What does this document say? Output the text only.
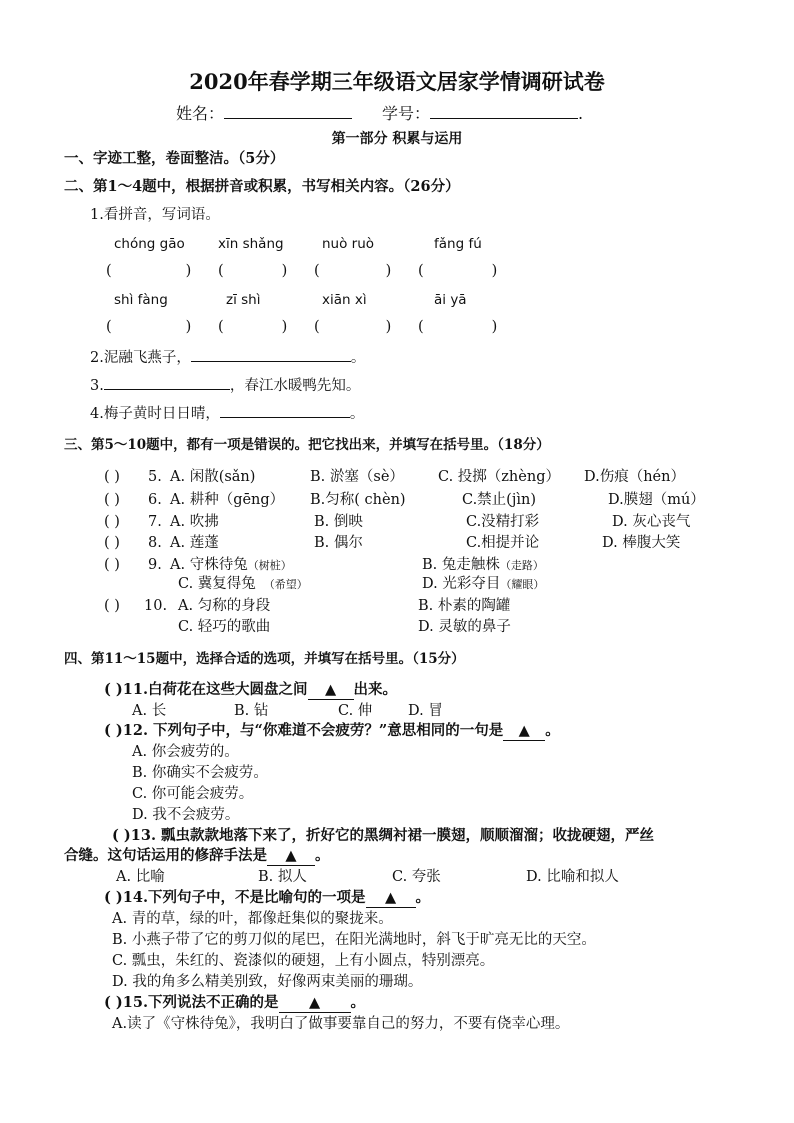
2020年春学期三年级语文居家学情调研试卷
姓名：	学号：	.
第一部分 积累与运用
一、字迹工整，卷面整洁。（5分）
二、第1～4题中，根据拼音或积累，书写相关内容。（26分）
1.看拼音，写词语。
chóng gāo xīn shǎng	nuò ruò	fǎng fú
(	) (	) (	) (	)
shì fàng	zī shì	xiān xì	āi yā
(	) (	) (	) (	)
2.泥融飞燕子，	。
3.	，春江水暖鸭先知。
4.梅子黄时日日晴，	。
三、第5～10题中，都有一项是错误的。把它找出来，并填写在括号里。（18分）
( ) 5. A. 闲散(sǎn)	B. 淤塞（sè） C. 投掷（zhèng） D.伤痕（hén）
( ) 6. A. 耕种（gēng） B.匀称( chèn)	C.禁止(jìn)	D.膜翅（mú）
( ) 7. A. 吹拂	B. 倒映	C.没精打彩	D. 灰心丧气
( ) 8. A. 莲蓬	B. 偶尔	C.相提并论	D. 棒腹大笑
( ) 9. A. 守株待兔（树桩）	B. 兔走触株（走路）
C. 冀复得兔 （希望）	D. 光彩夺目（耀眼）
( ) 10. A. 匀称的身段	B. 朴素的陶罐
C. 轻巧的歌曲	D. 灵敏的鼻子
四、第11～15题中，选择合适的选项，并填写在括号里。（15分）
( )11.白荷花在这些大圆盘之间 ▲ 出来。
A. 长	B. 钻	C. 伸 D. 冒
( )12. 下列句子中，与“你难道不会疲劳？”意思相同的一句是 ▲ 。
A. 你会疲劳的。
B. 你确实不会疲劳。
C. 你可能会疲劳。
D. 我不会疲劳。
( )13. 瓢虫款款地落下来了，折好它的黑绸衬裙一膜翅，顺顺溜溜；收拢硬翅，严丝
合缝。这句话运用的修辞手法是 ▲ 。
A. 比喻	B. 拟人	C. 夸张	D. 比喻和拟人
( )14.下列句子中，不是比喻句的一项是 ▲ 。
A. 青的草，绿的叶，都像赶集似的聚拢来。
B. 小燕子带了它的剪刀似的尾巴，在阳光满地时，斜飞于旷亮无比的天空。
C. 瓢虫，朱红的、瓷漆似的硬翅，上有小圆点，特别漂亮。
D. 我的角多么精美别致，好像两束美丽的珊瑚。
( )15.下列说法不正确的是 ▲ 。
A.读了《守株待兔》，我明白了做事要靠自己的努力，不要有侥幸心理。
